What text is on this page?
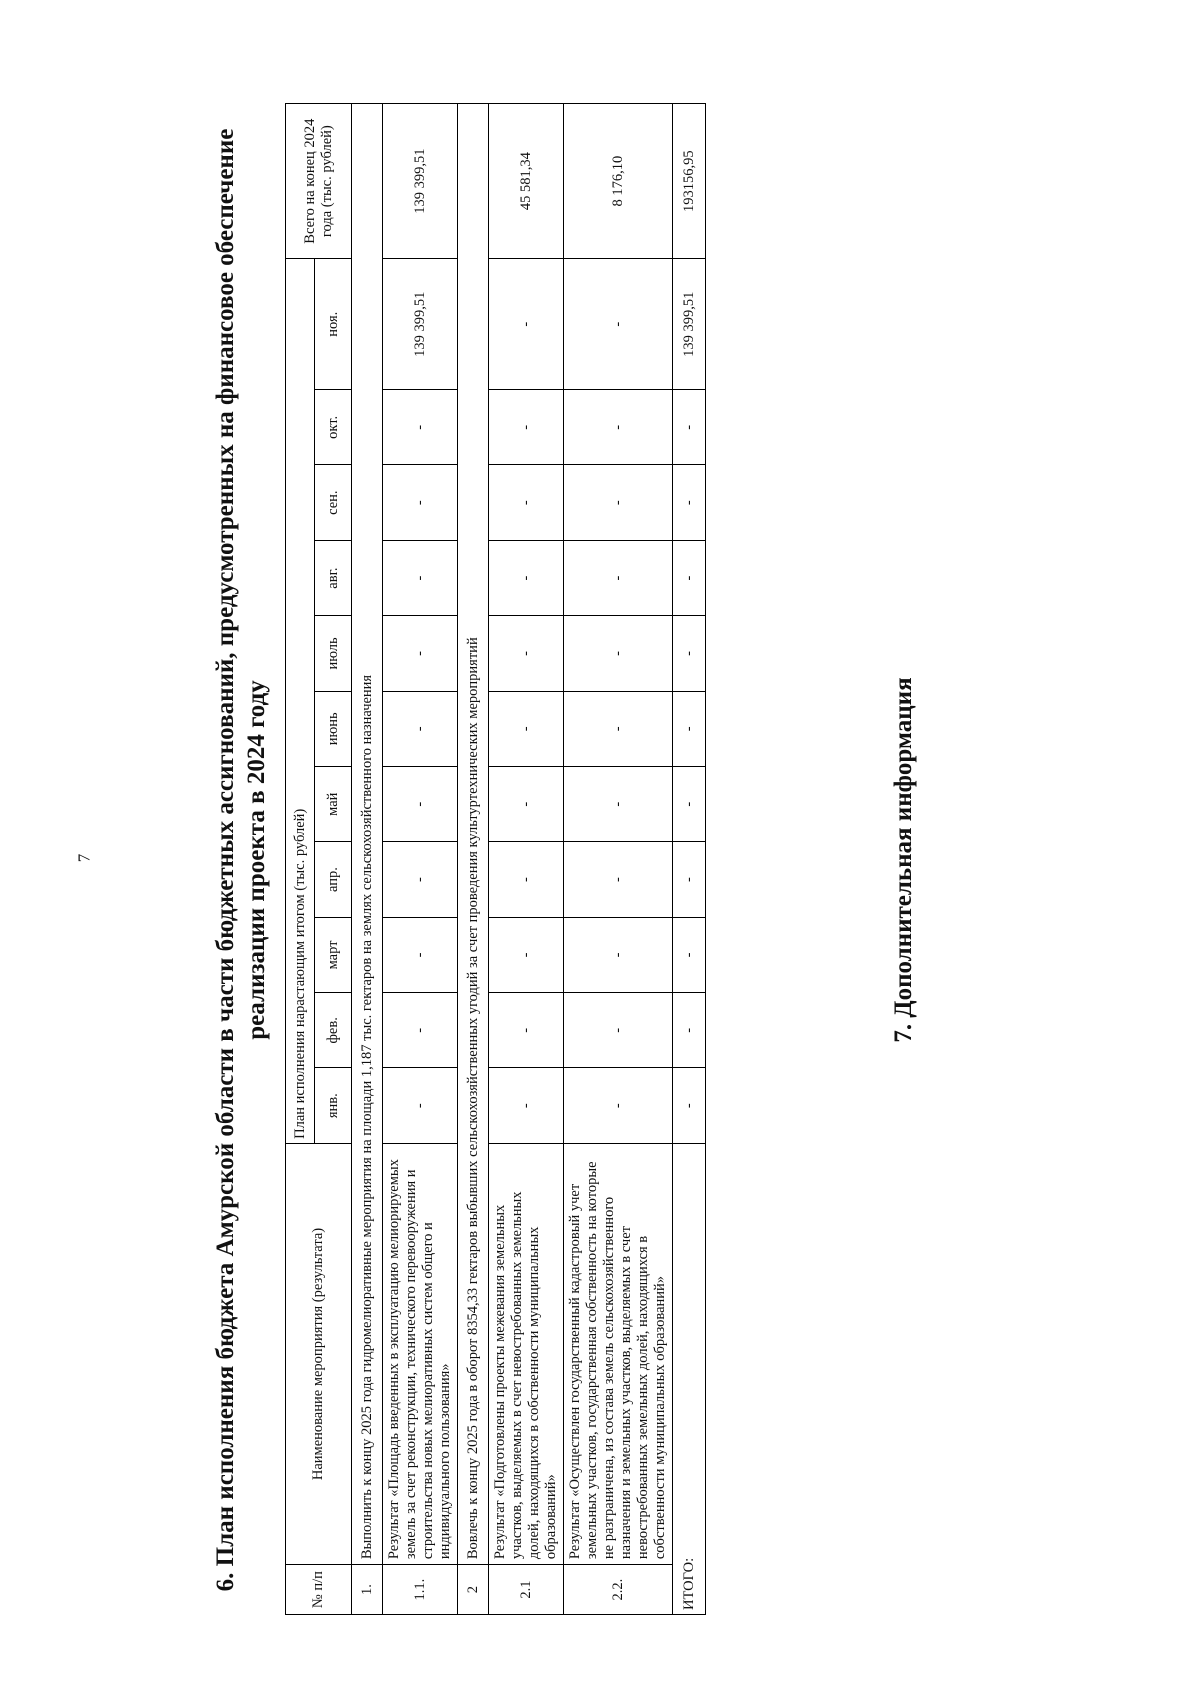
7	6. План исполнения бюджета Амурской области в части бюджетных ассигнований, предусмотренных на финансовое обеспечение реализации проекта в 2024 году
№ п/п	Наименование мероприятия (результата)	План исполнения нарастающим итогом (тыс. рублей)											Всего на конец 2024 года (тыс. рублей)
		янв.	фев.	март	апр.	май	июнь	июль	авг.	сен.	окт.	ноя.	
1.	Выполнить к концу 2025 года гидромелиоративные мероприятия на площади 1,187 тыс. гектаров на землях сельскохозяйственного назначения												
1.1.	Результат «Площадь введенных в эксплуатацию мелиорируемых земель за счет реконструкции, технического перевооружения и строительства новых мелиоративных систем общего и индивидуального пользования»	-	-	-	-	-	-	-	-	-	-	139 399,51	139 399,51
2	Вовлечь к концу 2025 года в оборот 8354,33 гектаров выбывших сельскохозяйственных угодий за счет проведения культуртехнических мероприятий												
2.1	Результат «Подготовлены проекты межевания земельных участков, выделяемых в счет невостребованных земельных долей, находящихся в собственности муниципальных образований»	-	-	-	-	-	-	-	-	-	-	-	45 581,34
2.2.	Результат «Осуществлен государственный кадастровый учет земельных участков, государственная собственность на которые не разграничена, из состава земель сельскохозяйственного назначения и земельных участков, выделяемых в счет невостребованных земельных долей, находящихся в собственности муниципальных образований»	-	-	-	-	-	-	-	-	-	-	-	8 176,10
ИТОГО:		-	-	-	-	-	-	-	-	-	-	139 399,51	193156,95
7. Дополнительная информация
